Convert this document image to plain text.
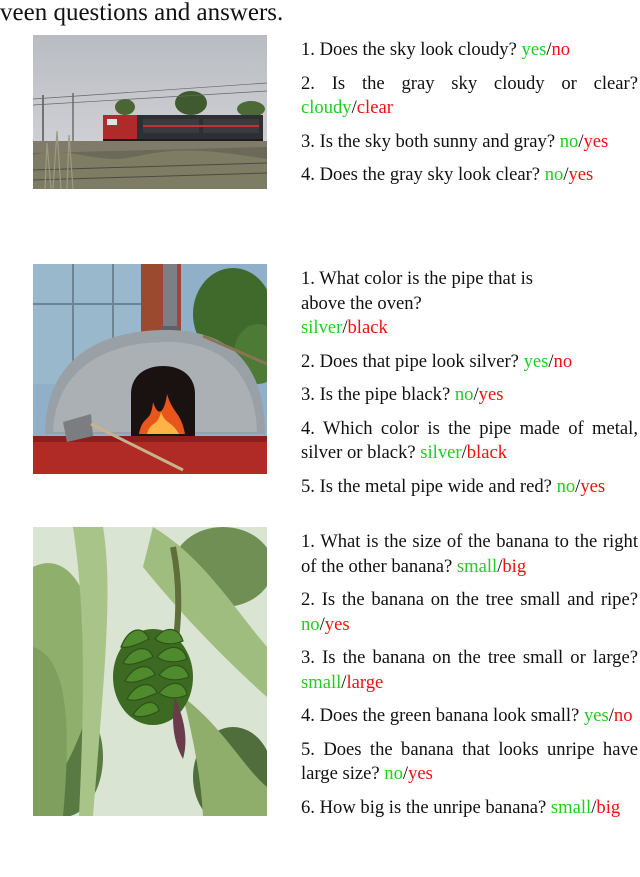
veen questions and answers.
1. Does the sky look cloudy? yes/no
2. Is the gray sky cloudy or clear? cloudy/clear
3. Is the sky both sunny and gray? no/yes
4. Does the gray sky look clear? no/yes
1. What color is the pipe that is above the oven?silver/black
2. Does that pipe look silver? yes/no
3. Is the pipe black? no/yes
4. Which color is the pipe made of metal, silver or black? silver/black
5. Is the metal pipe wide and red? no/yes
1. What is the size of the banana to the right of the other banana? small/big
2. Is the banana on the tree small and ripe? no/yes
3. Is the banana on the tree small or large? small/large
4. Does the green banana look small? yes/no
5. Does the banana that looks unripe have large size? no/yes
6. How big is the unripe banana? small/big
